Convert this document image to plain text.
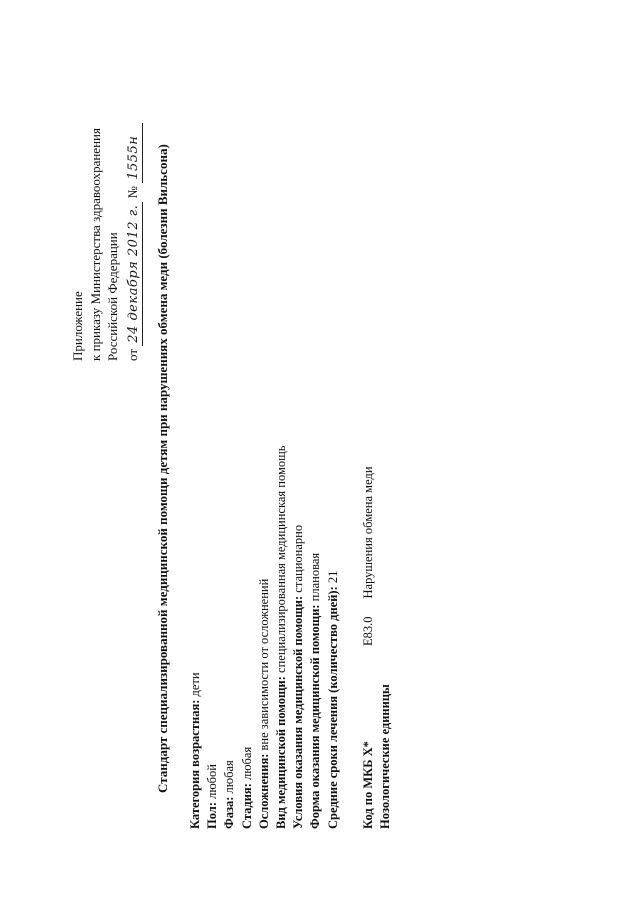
Приложение к приказу Министерства здравоохранения Российской Федерации от 24 декабря 2012 г. № 1555н Стандарт специализированной медицинской помощи детям при нарушениях обмена меди (болезни Вильсона) Категория возрастная: дети
Пол: любой
Фаза: любая
Стадия: любая Осложнения: вне зависимости от осложнений
Вид медицинской помощи: специализированная медицинская помощь
Условия оказания медицинской помощи: стационарно
Форма оказания медицинской помощи: плановая
Средние сроки лечения (количество дней): 21
Код по МКБ X*
E83.0Нарушения обмена меди
Нозологические единицы
